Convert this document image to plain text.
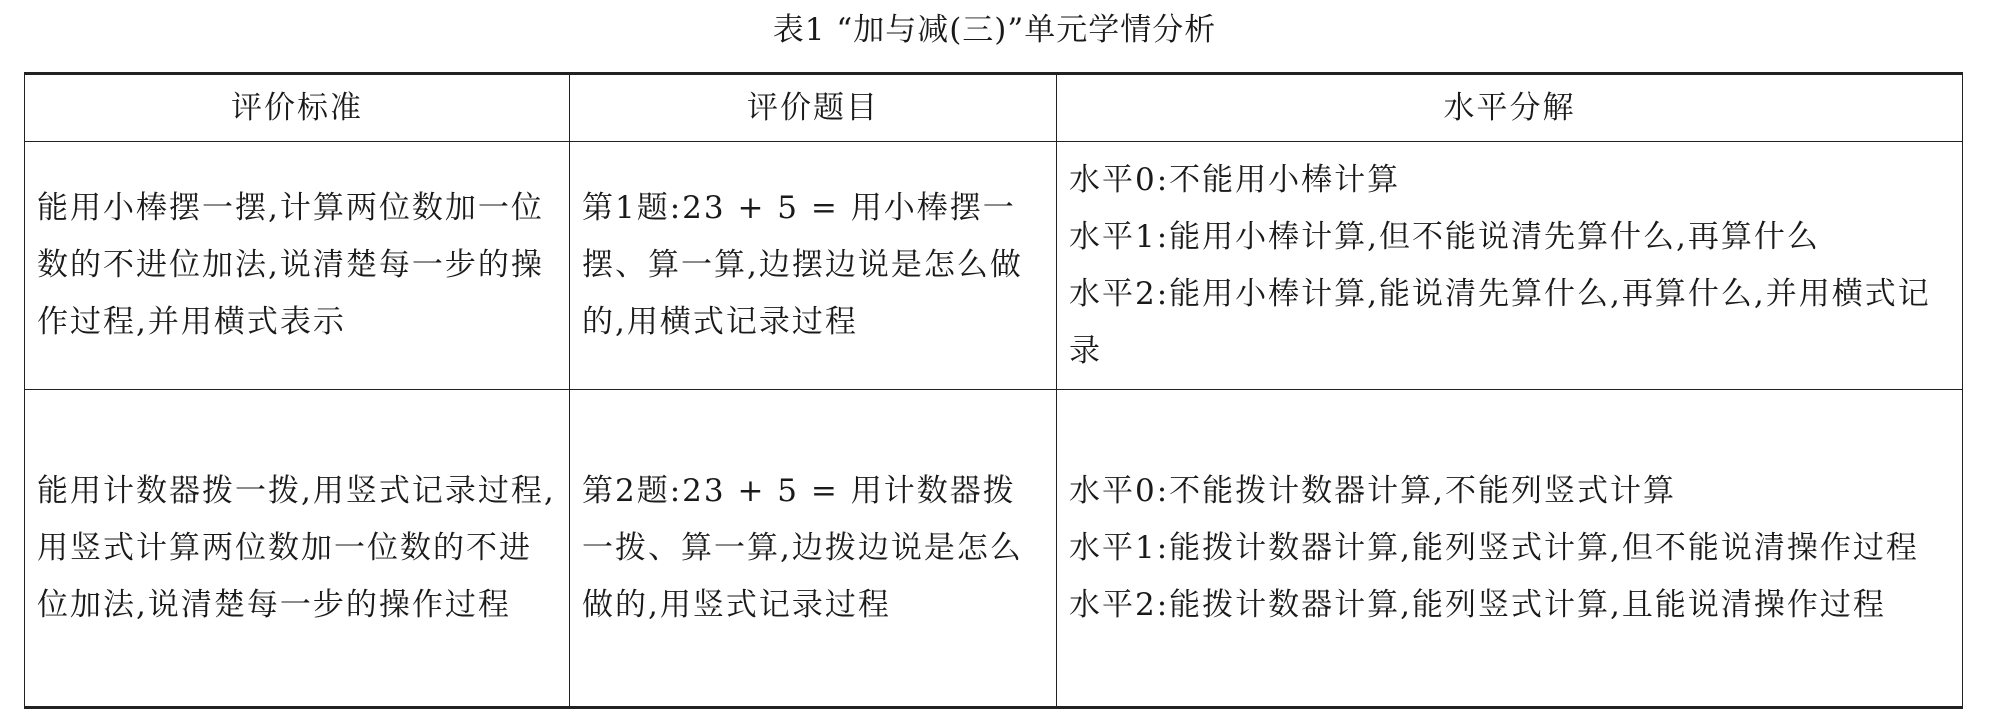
表1 “加与减(三)”单元学情分析
评价标准	评价题目	水平分解
能用小棒摆一摆,计算两位数加一位数的不进位加法,说清楚每一步的操作过程,并用横式表示	第1题:23 + 5 = 用小棒摆一摆、算一算,边摆边说是怎么做的,用横式记录过程	水平0:不能用小棒计算
水平1:能用小棒计算,但不能说清先算什么,再算什么
水平2:能用小棒计算,能说清先算什么,再算什么,并用横式记录

能用计数器拨一拨,用竖式记录过程,用竖式计算两位数加一位数的不进位加法,说清楚每一步的操作过程	第2题:23 + 5 = 用计数器拨一拨、算一算,边拨边说是怎么做的,用竖式记录过程	水平0:不能拨计数器计算,不能列竖式计算
水平1:能拨计数器计算,能列竖式计算,但不能说清操作过程
水平2:能拨计数器计算,能列竖式计算,且能说清操作过程
